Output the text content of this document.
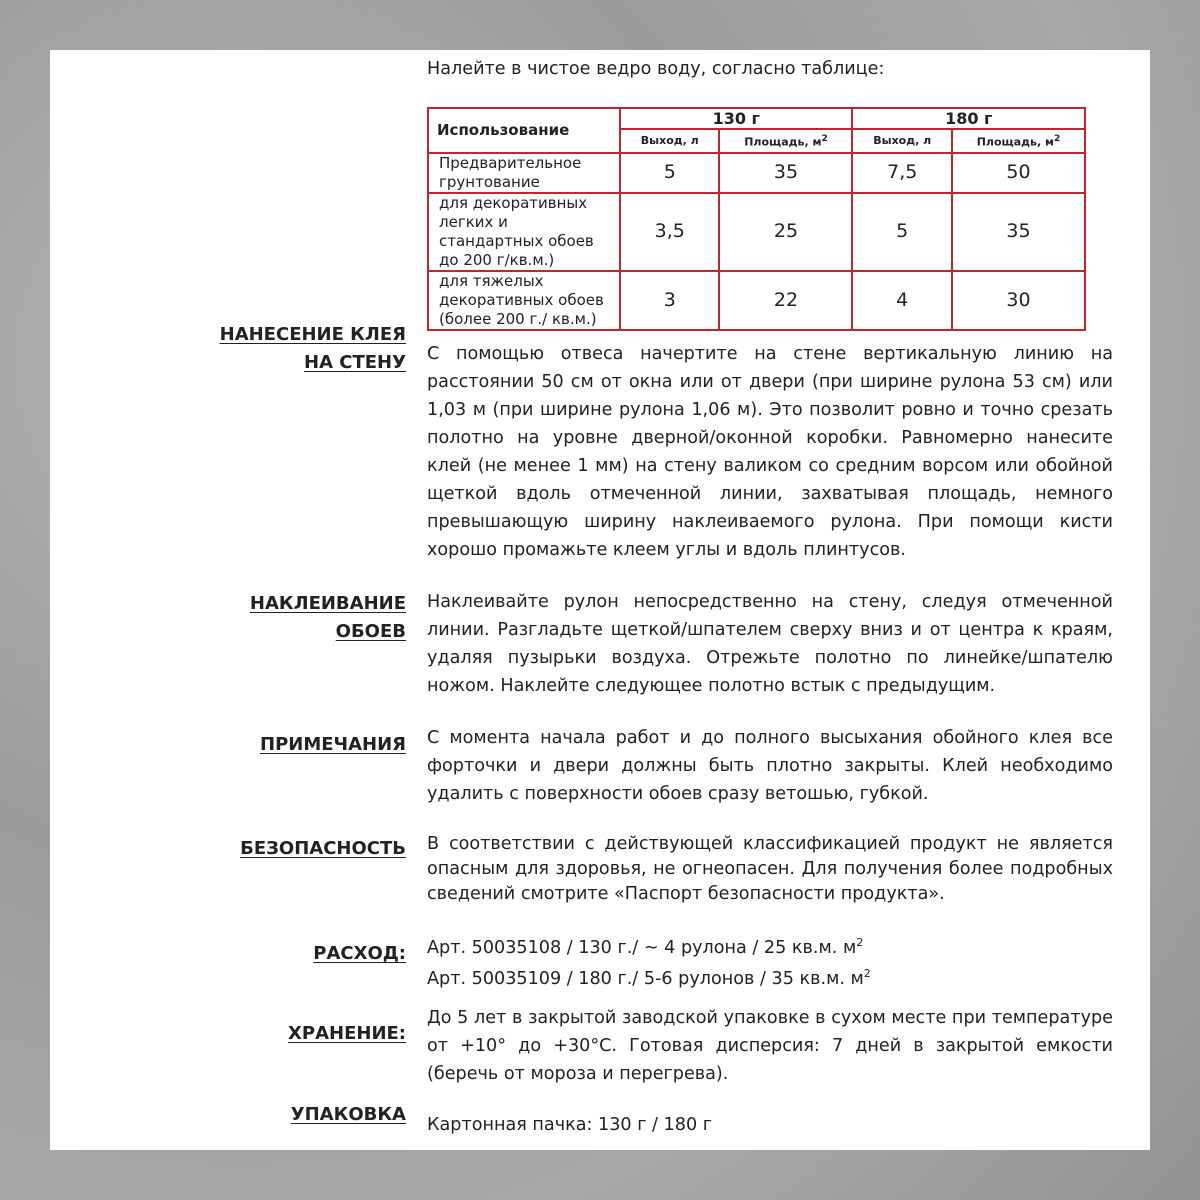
Налейте в чистое ведро воду, согласно таблице:
Использование	130 г		180 г	
	Выход, л	Площадь, $м^2$	Выход, л	Площадь, $м^2$
Предварительное грунтование	5	35	7,5	50
для декоративных легких и стандартных обоев до 200 г/кв.м.)	3,5	25	5	35
для тяжелых декоративных обоев (более 200 г./ кв.м.)	3	22	4	30
НАНЕСЕНИЕ КЛЕЯ
НА СТЕНУ С помощью отвеса начертите на стене вертикальную линию на расстоянии 50 см от окна или от двери (при ширине рулона 53 см) или 1,03 м (при ширине рулона 1,06 м). Это позволит ровно и точно срезать полотно на уровне дверной/оконной коробки. Равномерно нанесите клей (не менее 1 мм) на стену валиком со средним ворсом или обойной щеткой вдоль отмеченной линии, захватывая площадь, немного превышающую ширину наклеиваемого рулона. При помощи кисти хорошо промажьте клеем углы и вдоль плинтусов.
НАКЛЕИВАНИЕ
ОБОЕВ
Наклеивайте рулон непосредственно на стену, следуя отмеченной линии. Разгладьте щеткой/шпателем сверху вниз и от центра к краям, удаляя пузырьки воздуха. Отрежьте полотно по линейке/шпателю ножом. Наклейте следующее полотно встык с предыдущим.
ПРИМЕЧАНИЯ С момента начала работ и до полного высыхания обойного клея все форточки и двери должны быть плотно закрыты. Клей необходимо удалить с поверхности обоев сразу ветошью, губкой.
БЕЗОПАСНОСТЬ В соответствии с действующей классификацией продукт не является опасным для здоровья, не огнеопасен. Для получения более подробных сведений смотрите «Паспорт безопасности продукта».
РАСХОД: Арт. 50035108 / 130 г./ ~ 4 рулона / 25 кв.м. $м^2$
Арт. 50035109 / 180 г./ 5-6 рулонов / 35 кв.м. $м^2$
ХРАНЕНИЕ:
До 5 лет в закрытой заводской упаковке в сухом месте при температуре от +10° до +30°С. Готовая дисперсия: 7 дней в закрытой емкости (беречь от мороза и перегрева).
УПАКОВКА Картонная пачка: 130 г / 180 г
